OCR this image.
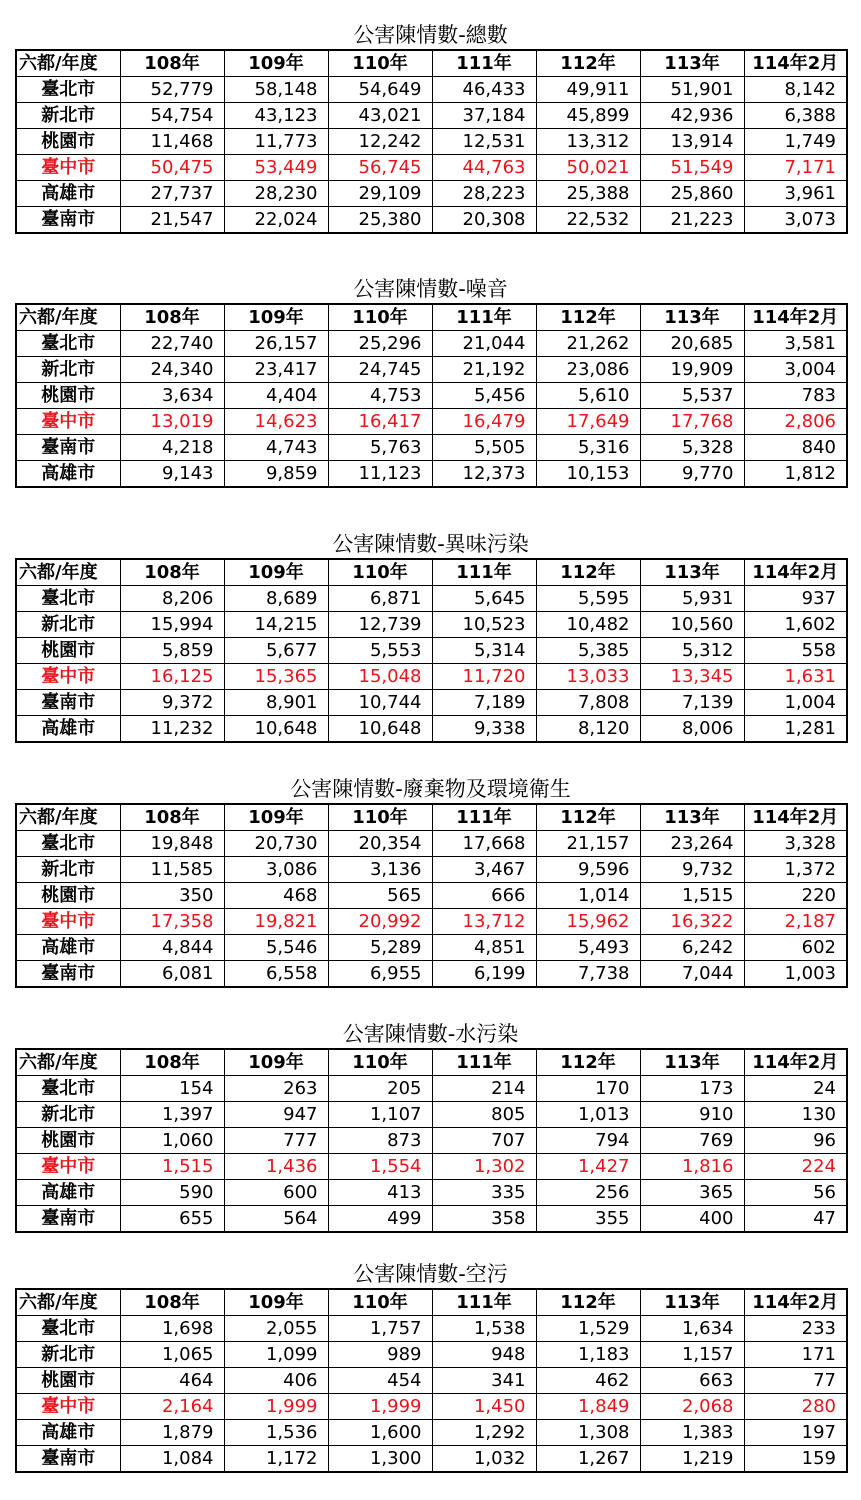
公害陳情數-總數
六都/年度	108年	109年	110年	111年	112年	113年	114年2月
臺北市	52,779	58,148	54,649	46,433	49,911	51,901	8,142
新北市	54,754	43,123	43,021	37,184	45,899	42,936	6,388
桃園市	11,468	11,773	12,242	12,531	13,312	13,914	1,749
臺中市	50,475	53,449	56,745	44,763	50,021	51,549	7,171
高雄市	27,737	28,230	29,109	28,223	25,388	25,860	3,961
臺南市	21,547	22,024	25,380	20,308	22,532	21,223	3,073
公害陳情數-噪音
六都/年度	108年	109年	110年	111年	112年	113年	114年2月
臺北市	22,740	26,157	25,296	21,044	21,262	20,685	3,581
新北市	24,340	23,417	24,745	21,192	23,086	19,909	3,004
桃園市	3,634	4,404	4,753	5,456	5,610	5,537	783
臺中市	13,019	14,623	16,417	16,479	17,649	17,768	2,806
臺南市	4,218	4,743	5,763	5,505	5,316	5,328	840
高雄市	9,143	9,859	11,123	12,373	10,153	9,770	1,812
公害陳情數-異味污染
六都/年度	108年	109年	110年	111年	112年	113年	114年2月
臺北市	8,206	8,689	6,871	5,645	5,595	5,931	937
新北市	15,994	14,215	12,739	10,523	10,482	10,560	1,602
桃園市	5,859	5,677	5,553	5,314	5,385	5,312	558
臺中市	16,125	15,365	15,048	11,720	13,033	13,345	1,631
臺南市	9,372	8,901	10,744	7,189	7,808	7,139	1,004
高雄市	11,232	10,648	10,648	9,338	8,120	8,006	1,281
公害陳情數-廢棄物及環境衛生
六都/年度	108年	109年	110年	111年	112年	113年	114年2月
臺北市	19,848	20,730	20,354	17,668	21,157	23,264	3,328
新北市	11,585	3,086	3,136	3,467	9,596	9,732	1,372
桃園市	350	468	565	666	1,014	1,515	220
臺中市	17,358	19,821	20,992	13,712	15,962	16,322	2,187
高雄市	4,844	5,546	5,289	4,851	5,493	6,242	602
臺南市	6,081	6,558	6,955	6,199	7,738	7,044	1,003
公害陳情數-水污染
六都/年度	108年	109年	110年	111年	112年	113年	114年2月
臺北市	154	263	205	214	170	173	24
新北市	1,397	947	1,107	805	1,013	910	130
桃園市	1,060	777	873	707	794	769	96
臺中市	1,515	1,436	1,554	1,302	1,427	1,816	224
高雄市	590	600	413	335	256	365	56
臺南市	655	564	499	358	355	400	47
公害陳情數-空污
六都/年度	108年	109年	110年	111年	112年	113年	114年2月
臺北市	1,698	2,055	1,757	1,538	1,529	1,634	233
新北市	1,065	1,099	989	948	1,183	1,157	171
桃園市	464	406	454	341	462	663	77
臺中市	2,164	1,999	1,999	1,450	1,849	2,068	280
高雄市	1,879	1,536	1,600	1,292	1,308	1,383	197
臺南市	1,084	1,172	1,300	1,032	1,267	1,219	159
